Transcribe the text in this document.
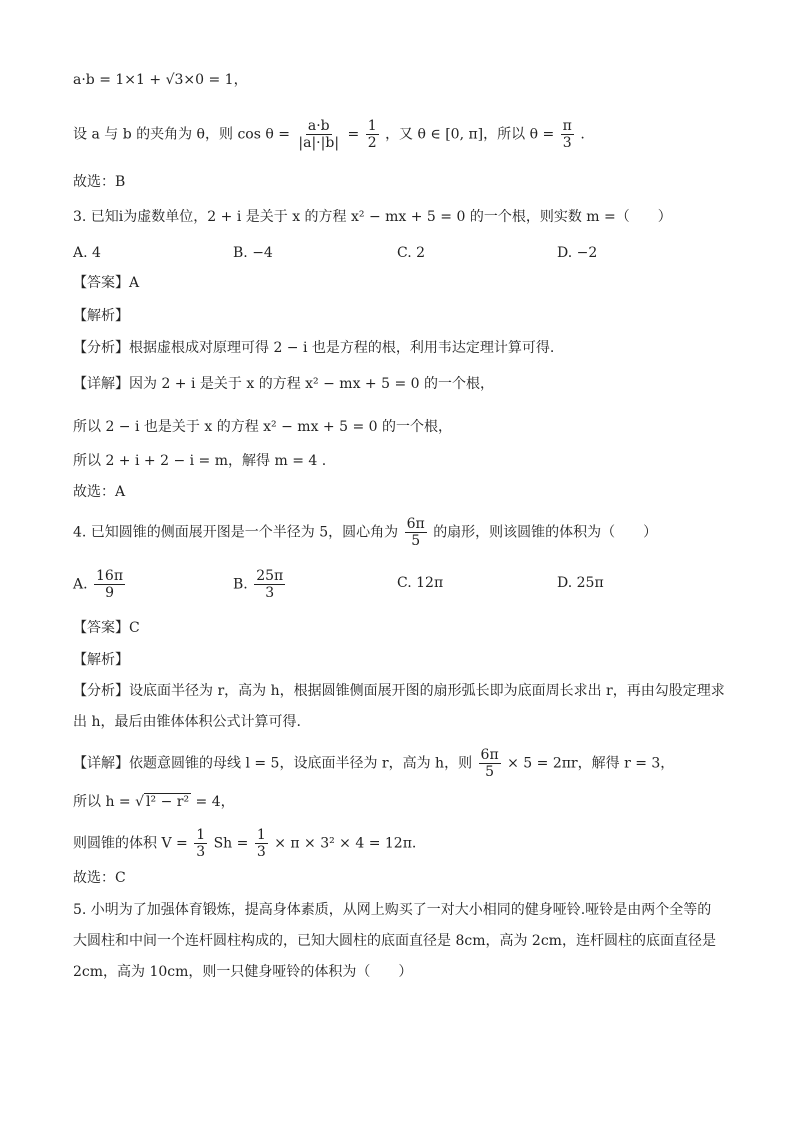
a·b = 1×1 + √3×0 = 1，
设 a 与 b 的夹角为 θ，则 $\cos \theta = \frac{a\cdot b}{|a|\cdot|b|} = \frac{1}{2}$ ，又 θ ∈ [0, π]，所以 $\theta = \frac{\pi}{3}$ .
故选：B
3. 已知i为虚数单位，2 + i 是关于 x 的方程 x² − mx + 5 = 0 的一个根，则实数 m =（　　）
A. 4	B. −4	C. 2	D. −2
【答案】A
【解析】
【分析】根据虚根成对原理可得 2 − i 也是方程的根，利用韦达定理计算可得.
【详解】因为 2 + i 是关于 x 的方程 x² − mx + 5 = 0 的一个根，
所以 2 − i 也是关于 x 的方程 x² − mx + 5 = 0 的一个根，
所以 2 + i + 2 − i = m，解得 m = 4 .
故选：A
4. 已知圆锥的侧面展开图是一个半径为 5，圆心角为 $\frac{6\pi}{5}$ 的扇形，则该圆锥的体积为（　　）
A. $\frac{16\pi}{9}$	B. $\frac{25\pi}{3}$	C. 12π	D. 25π
【答案】C
【解析】
【分析】设底面半径为 r，高为 h，根据圆锥侧面展开图的扇形弧长即为底面周长求出 r，再由勾股定理求
出 h，最后由锥体体积公式计算可得.
【详解】依题意圆锥的母线 l = 5，设底面半径为 r，高为 h，则 $\frac{6\pi}{5} \times 5 = 2\pi r$，解得 r = 3，
所以 h = √ l² − r² = 4，
则圆锥的体积 $V = \frac{1}{3}$ $Sh = \frac{1}{3} \times \pi \times 3^2 \times 4 = 12\pi$.
故选：C
5. 小明为了加强体育锻炼，提高身体素质，从网上购买了一对大小相同的健身哑铃.哑铃是由两个全等的
大圆柱和中间一个连杆圆柱构成的，已知大圆柱的底面直径是 8cm，高为 2cm，连杆圆柱的底面直径是
2cm，高为 10cm，则一只健身哑铃的体积为（　　）
